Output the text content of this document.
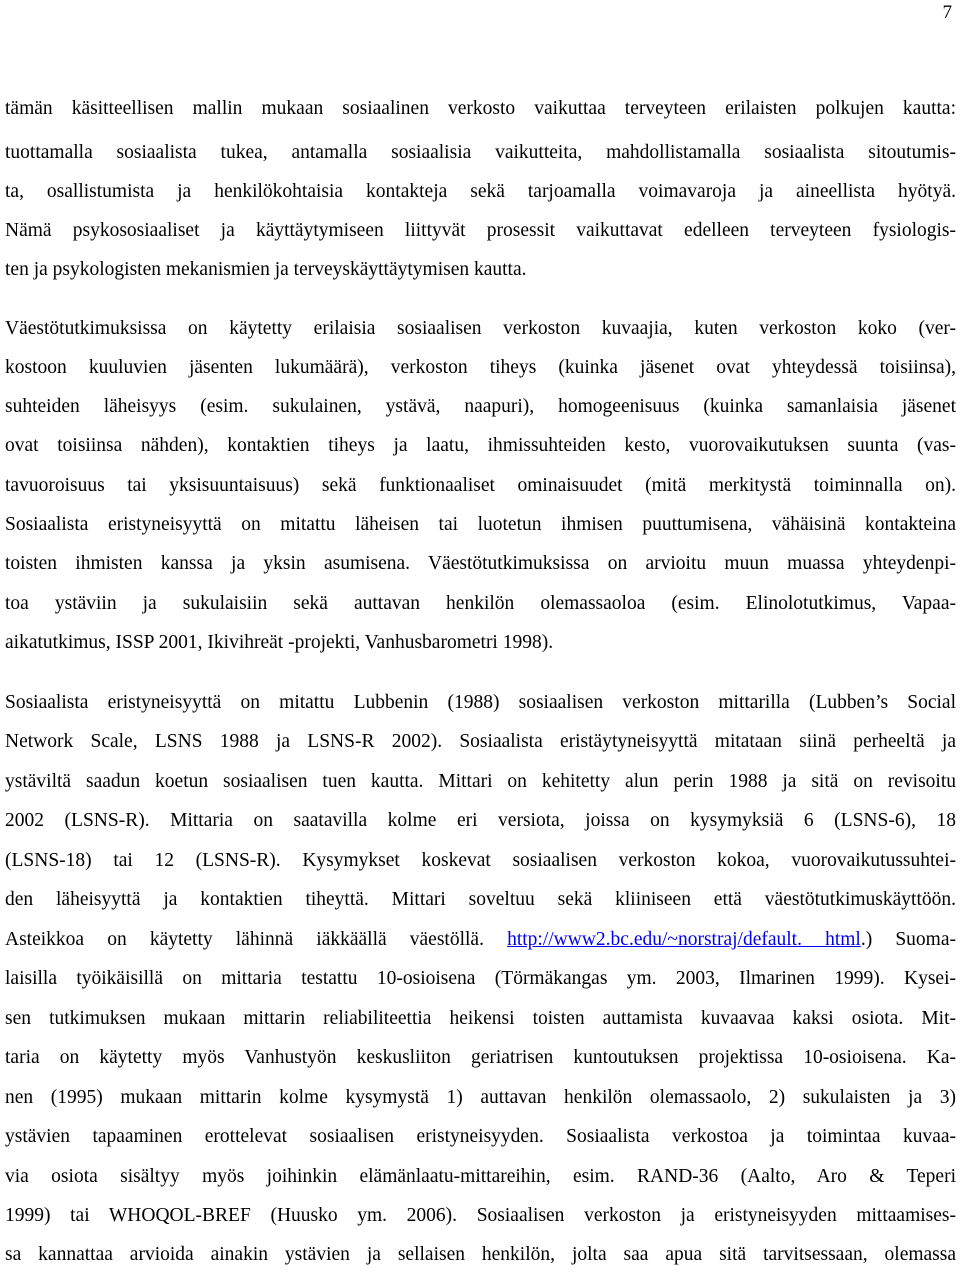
7
tämän käsitteellisen mallin mukaan sosiaalinen verkosto vaikuttaa terveyteen erilaisten polkujen kautta:
tuottamalla sosiaalista tukea, antamalla sosiaalisia vaikutteita, mahdollistamalla sosiaalista sitoutumis-
ta, osallistumista ja henkilökohtaisia kontakteja sekä tarjoamalla voimavaroja ja aineellista hyötyä.
Nämä psykososiaaliset ja käyttäytymiseen liittyvät prosessit vaikuttavat edelleen terveyteen fysiologis-
ten ja psykologisten mekanismien ja terveyskäyttäytymisen kautta.
Väestötutkimuksissa on käytetty erilaisia sosiaalisen verkoston kuvaajia, kuten verkoston koko (ver-
kostoon kuuluvien jäsenten lukumäärä), verkoston tiheys (kuinka jäsenet ovat yhteydessä toisiinsa),
suhteiden läheisyys (esim. sukulainen, ystävä, naapuri), homogeenisuus (kuinka samanlaisia jäsenet
ovat toisiinsa nähden), kontaktien tiheys ja laatu, ihmissuhteiden kesto, vuorovaikutuksen suunta (vas-
tavuoroisuus tai yksisuuntaisuus) sekä funktionaaliset ominaisuudet (mitä merkitystä toiminnalla on).
Sosiaalista eristyneisyyttä on mitattu läheisen tai luotetun ihmisen puuttumisena, vähäisinä kontakteina
toisten ihmisten kanssa ja yksin asumisena. Väestötutkimuksissa on arvioitu muun muassa yhteydenpi-
toa ystäviin ja sukulaisiin sekä auttavan henkilön olemassaoloa (esim. Elinolotutkimus, Vapaa-
aikatutkimus, ISSP 2001, Ikivihreät -projekti, Vanhusbarometri 1998).
Sosiaalista eristyneisyyttä on mitattu Lubbenin (1988) sosiaalisen verkoston mittarilla (Lubben’s Social
Network Scale, LSNS 1988 ja LSNS-R 2002). Sosiaalista eristäytyneisyyttä mitataan siinä perheeltä ja
ystäviltä saadun koetun sosiaalisen tuen kautta. Mittari on kehitetty alun perin 1988 ja sitä on revisoitu
2002 (LSNS-R). Mittaria on saatavilla kolme eri versiota, joissa on kysymyksiä 6 (LSNS-6), 18
(LSNS-18) tai 12 (LSNS-R). Kysymykset koskevat sosiaalisen verkoston kokoa, vuorovaikutussuhtei-
den läheisyyttä ja kontaktien tiheyttä. Mittari soveltuu sekä kliiniseen että väestötutkimuskäyttöön.
Asteikkoa on käytetty lähinnä iäkkäällä väestöllä. http://www2.bc.edu/~norstraj/default. html.) Suoma-
laisilla työikäisillä on mittaria testattu 10-osioisena (Törmäkangas ym. 2003, Ilmarinen 1999). Kysei-
sen tutkimuksen mukaan mittarin reliabiliteettia heikensi toisten auttamista kuvaavaa kaksi osiota. Mit-
taria on käytetty myös Vanhustyön keskusliiton geriatrisen kuntoutuksen projektissa 10-osioisena. Ka-
nen (1995) mukaan mittarin kolme kysymystä 1) auttavan henkilön olemassaolo, 2) sukulaisten ja 3)
ystävien tapaaminen erottelevat sosiaalisen eristyneisyyden. Sosiaalista verkostoa ja toimintaa kuvaa-
via osiota sisältyy myös joihinkin elämänlaatu-mittareihin, esim. RAND-36 (Aalto, Aro & Teperi
1999) tai WHOQOL-BREF (Huusko ym. 2006). Sosiaalisen verkoston ja eristyneisyyden mittaamises-
sa kannattaa arvioida ainakin ystävien ja sellaisen henkilön, jolta saa apua sitä tarvitsessaan, olemassa
